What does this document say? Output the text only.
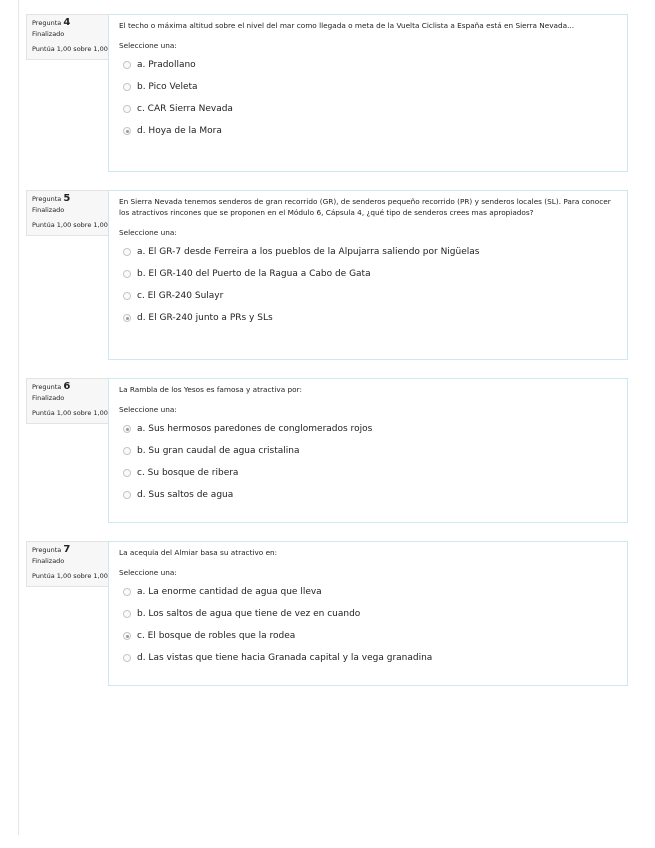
Pregunta 4
Finalizado
Puntúa 1,00 sobre 1,00
El techo o máxima altitud sobre el nivel del mar como llegada o meta de la Vuelta Ciclista a España está en Sierra Nevada...
Seleccione una:
a. Pradollano
b. Pico Veleta
c. CAR Sierra Nevada
d. Hoya de la Mora
Pregunta 5
Finalizado
Puntúa 1,00 sobre 1,00
En Sierra Nevada tenemos senderos de gran recorrido (GR), de senderos pequeño recorrido (PR) y senderos locales (SL). Para conocer los atractivos rincones que se proponen en el Módulo 6, Cápsula 4, ¿qué tipo de senderos crees mas apropiados?
Seleccione una:
a. El GR-7 desde Ferreira a los pueblos de la Alpujarra saliendo por Nigüelas
b. El GR-140 del Puerto de la Ragua a Cabo de Gata
c. El GR-240 Sulayr
d. El GR-240 junto a PRs y SLs
Pregunta 6
Finalizado
Puntúa 1,00 sobre 1,00
La Rambla de los Yesos es famosa y atractiva por:
Seleccione una:
a. Sus hermosos paredones de conglomerados rojos
b. Su gran caudal de agua cristalina
c. Su bosque de ribera
d. Sus saltos de agua
Pregunta 7
Finalizado
Puntúa 1,00 sobre 1,00
La acequia del Almiar basa su atractivo en:
Seleccione una:
a. La enorme cantidad de agua que lleva
b. Los saltos de agua que tiene de vez en cuando
c. El bosque de robles que la rodea
d. Las vistas que tiene hacia Granada capital y la vega granadina
